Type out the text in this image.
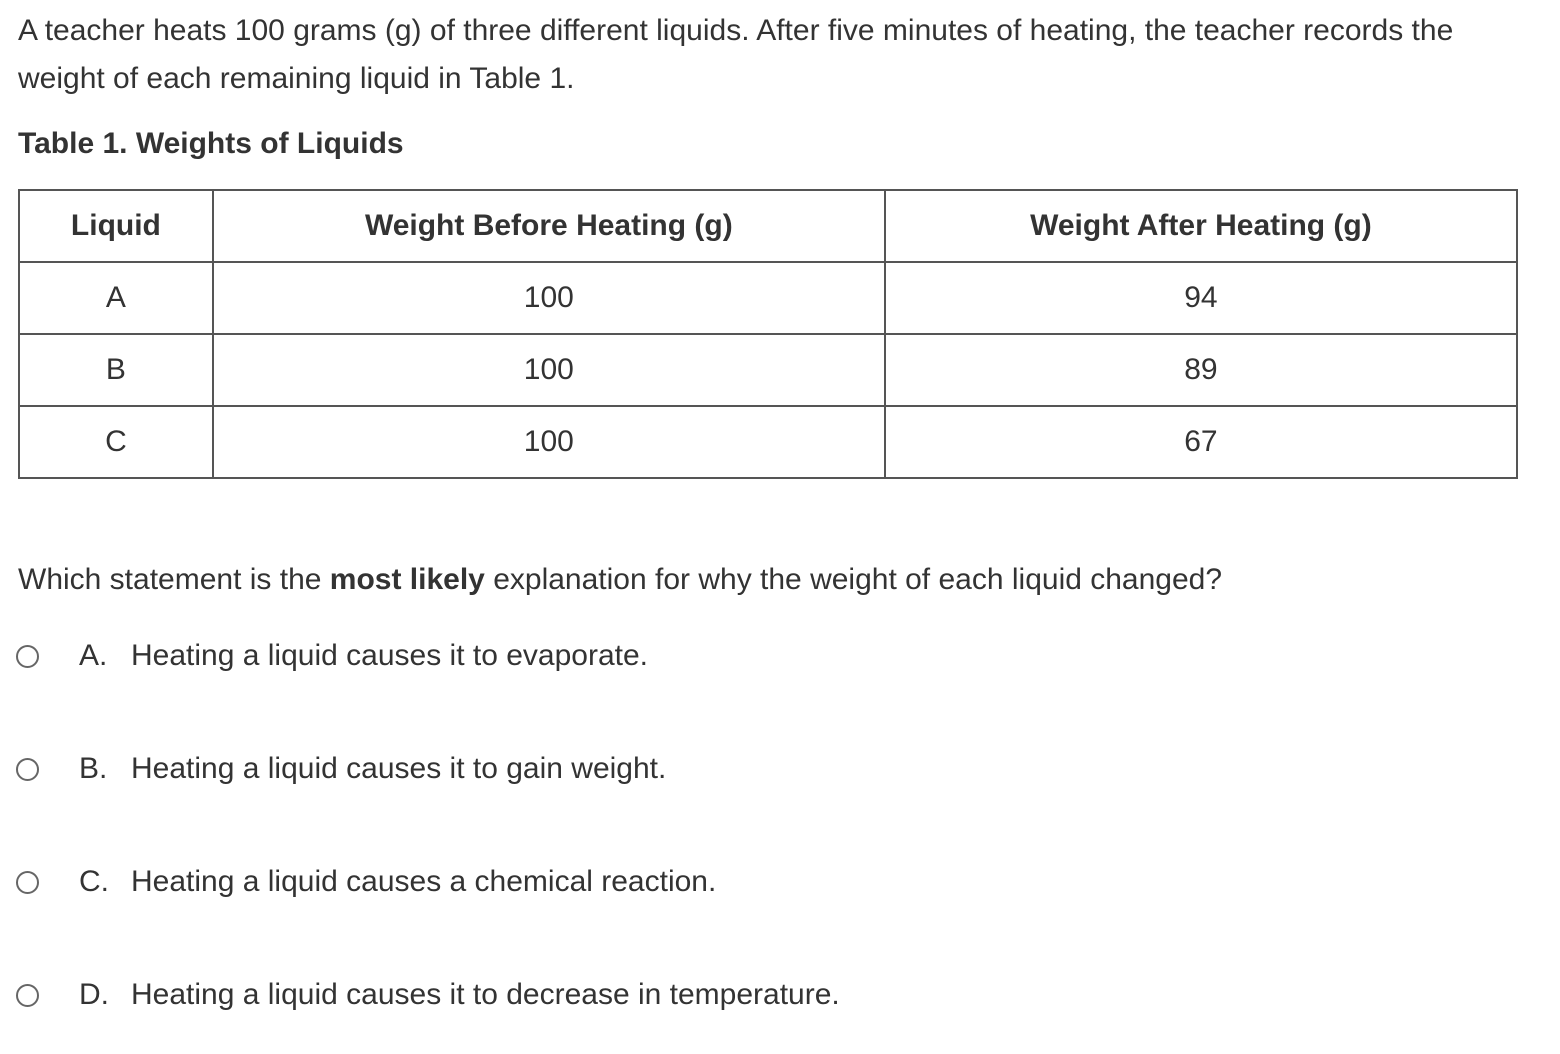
A teacher heats 100 grams (g) of three different liquids. After five minutes of heating, the teacher records the weight of each remaining liquid in Table 1.

Table 1. Weights of Liquids

Liquid	Weight Before Heating (g)	Weight After Heating (g)
A	100	94
B	100	89
C	100	67

Which statement is the most likely explanation for why the weight of each liquid changed?

A. Heating a liquid causes it to evaporate.
B. Heating a liquid causes it to gain weight.
C. Heating a liquid causes a chemical reaction.
D. Heating a liquid causes it to decrease in temperature.
